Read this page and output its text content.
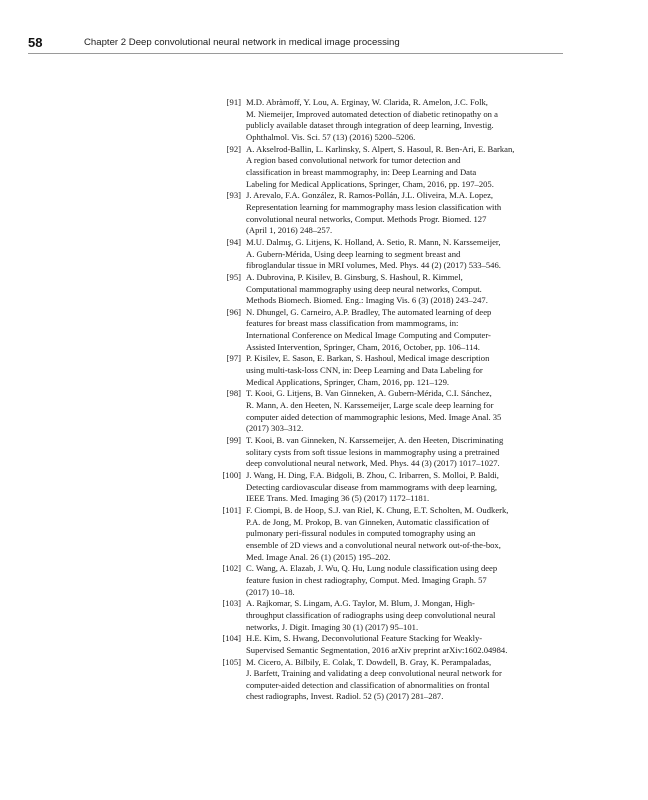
58	Chapter 2 Deep convolutional neural network in medical image processing
[91] M.D. Abràmoff, Y. Lou, A. Erginay, W. Clarida, R. Amelon, J.C. Folk,
M. Niemeijer, Improved automated detection of diabetic retinopathy on a
publicly available dataset through integration of deep learning, Investig.
Ophthalmol. Vis. Sci. 57 (13) (2016) 5200–5206.
[92] A. Akselrod-Ballin, L. Karlinsky, S. Alpert, S. Hasoul, R. Ben-Ari, E. Barkan,
A region based convolutional network for tumor detection and
classification in breast mammography, in: Deep Learning and Data
Labeling for Medical Applications, Springer, Cham, 2016, pp. 197–205.
[93] J. Arevalo, F.A. González, R. Ramos-Pollán, J.L. Oliveira, M.A. Lopez,
Representation learning for mammography mass lesion classification with
convolutional neural networks, Comput. Methods Progr. Biomed. 127
(April 1, 2016) 248–257.
[94] M.U. Dalmış, G. Litjens, K. Holland, A. Setio, R. Mann, N. Karssemeijer,
A. Gubern-Mérida, Using deep learning to segment breast and
fibroglandular tissue in MRI volumes, Med. Phys. 44 (2) (2017) 533–546.
[95] A. Dubrovina, P. Kisilev, B. Ginsburg, S. Hashoul, R. Kimmel,
Computational mammography using deep neural networks, Comput.
Methods Biomech. Biomed. Eng.: Imaging Vis. 6 (3) (2018) 243–247.
[96] N. Dhungel, G. Carneiro, A.P. Bradley, The automated learning of deep
features for breast mass classification from mammograms, in:
International Conference on Medical Image Computing and Computer-
Assisted Intervention, Springer, Cham, 2016, October, pp. 106–114.
[97] P. Kisilev, E. Sason, E. Barkan, S. Hashoul, Medical image description
using multi-task-loss CNN, in: Deep Learning and Data Labeling for
Medical Applications, Springer, Cham, 2016, pp. 121–129.
[98] T. Kooi, G. Litjens, B. Van Ginneken, A. Gubern-Mérida, C.I. Sánchez,
R. Mann, A. den Heeten, N. Karssemeijer, Large scale deep learning for
computer aided detection of mammographic lesions, Med. Image Anal. 35
(2017) 303–312.
[99] T. Kooi, B. van Ginneken, N. Karssemeijer, A. den Heeten, Discriminating
solitary cysts from soft tissue lesions in mammography using a pretrained
deep convolutional neural network, Med. Phys. 44 (3) (2017) 1017–1027.
[100] J. Wang, H. Ding, F.A. Bidgoli, B. Zhou, C. Iribarren, S. Molloi, P. Baldi,
Detecting cardiovascular disease from mammograms with deep learning,
IEEE Trans. Med. Imaging 36 (5) (2017) 1172–1181.
[101] F. Ciompi, B. de Hoop, S.J. van Riel, K. Chung, E.T. Scholten, M. Oudkerk,
P.A. de Jong, M. Prokop, B. van Ginneken, Automatic classification of
pulmonary peri-fissural nodules in computed tomography using an
ensemble of 2D views and a convolutional neural network out-of-the-box,
Med. Image Anal. 26 (1) (2015) 195–202.
[102] C. Wang, A. Elazab, J. Wu, Q. Hu, Lung nodule classification using deep
feature fusion in chest radiography, Comput. Med. Imaging Graph. 57
(2017) 10–18.
[103] A. Rajkomar, S. Lingam, A.G. Taylor, M. Blum, J. Mongan, High-
throughput classification of radiographs using deep convolutional neural
networks, J. Digit. Imaging 30 (1) (2017) 95–101.
[104] H.E. Kim, S. Hwang, Deconvolutional Feature Stacking for Weakly-
Supervised Semantic Segmentation, 2016 arXiv preprint arXiv:1602.04984.
[105] M. Cicero, A. Bilbily, E. Colak, T. Dowdell, B. Gray, K. Perampaladas,
J. Barfett, Training and validating a deep convolutional neural network for
computer-aided detection and classification of abnormalities on frontal
chest radiographs, Invest. Radiol. 52 (5) (2017) 281–287.
